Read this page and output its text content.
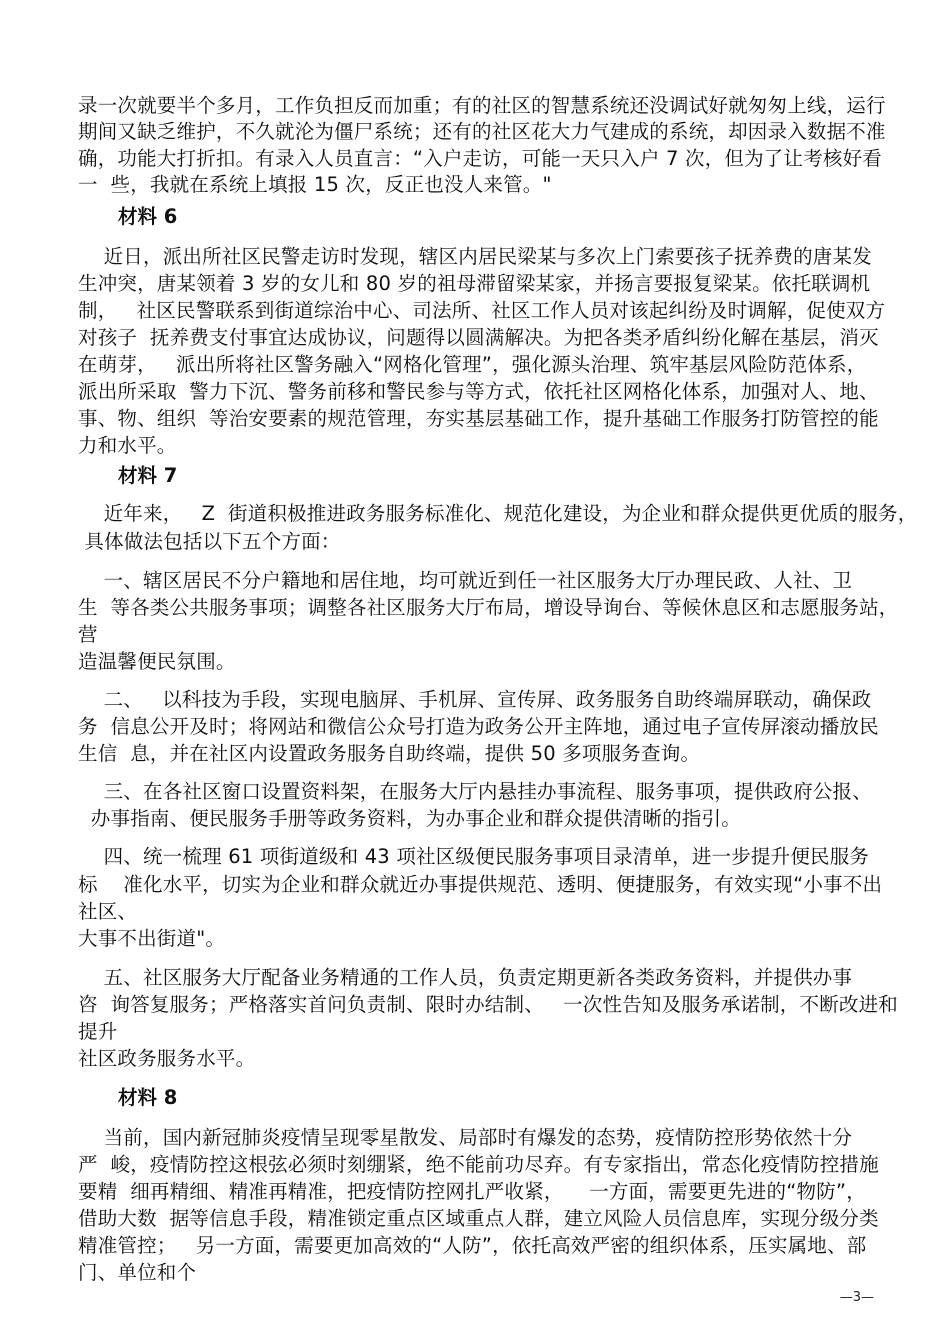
录一次就要半个多月，工作负担反而加重；有的社区的智慧系统还没调试好就匆匆上线，运行
期间又缺乏维护，不久就沦为僵尸系统；还有的社区花大力气建成的系统，却因录入数据不准
确，功能大打折扣。有录入人员直言：“入户走访，可能一天只入户 7 次，但为了让考核好看
一  些，我就在系统上填报 15 次，反正也没人来管。"
材料 6
近日，派出所社区民警走访时发现，辖区内居民梁某与多次上门索要孩子抚养费的唐某发
生冲突，唐某领着 3 岁的女儿和 80 岁的祖母滞留梁某家，并扬言要报复梁某。依托联调机
制，   社区民警联系到街道综治中心、司法所、社区工作人员对该起纠纷及时调解，促使双方
对孩子  抚养费支付事宜达成协议，问题得以圆满解决。为把各类矛盾纠纷化解在基层，消灭
在萌芽，   派出所将社区警务融入“网格化管理”，强化源头治理、筑牢基层风险防范体系，
派出所采取  警力下沉、警务前移和警民参与等方式，依托社区网格化体系，加强对人、地、
事、物、组织  等治安要素的规范管理，夯实基层基础工作，提升基础工作服务打防管控的能
力和水平。
材料 7
近年来，   Z  街道积极推进政务服务标准化、规范化建设，为企业和群众提供更优质的服务，
具体做法包括以下五个方面：
一、辖区居民不分户籍地和居住地，均可就近到任一社区服务大厅办理民政、人社、卫
生  等各类公共服务事项；调整各社区服务大厅布局，增设导询台、等候休息区和志愿服务站，
营
造温馨便民氛围。
二、   以科技为手段，实现电脑屏、手机屏、宣传屏、政务服务自助终端屏联动，确保政
务  信息公开及时；将网站和微信公众号打造为政务公开主阵地，通过电子宣传屏滚动播放民
生信  息，并在社区内设置政务服务自助终端，提供 50 多项服务查询。
三、在各社区窗口设置资料架，在服务大厅内悬挂办事流程、服务事项，提供政府公报、
办事指南、便民服务手册等政务资料，为办事企业和群众提供清晰的指引。
四、统一梳理 61 项街道级和 43 项社区级便民服务事项目录清单，进一步提升便民服务
标    准化水平，切实为企业和群众就近办事提供规范、透明、便捷服务，有效实现“小事不出
社区、
大事不出街道"。
五、社区服务大厅配备业务精通的工作人员，负责定期更新各类政务资料，并提供办事
咨  询答复服务；严格落实首问负责制、限时办结制、   一次性告知及服务承诺制，不断改进和
提升
社区政务服务水平。
材料 8
当前，国内新冠肺炎疫情呈现零星散发、局部时有爆发的态势，疫情防控形势依然十分
严  峻，疫情防控这根弦必须时刻绷紧，绝不能前功尽弃。有专家指出，常态化疫情防控措施
要精  细再精细、精准再精准，把疫情防控网扎严收紧，    一方面，需要更先进的“物防”，
借助大数  据等信息手段，精准锁定重点区域重点人群，建立风险人员信息库，实现分级分类
精准管控；   另一方面，需要更加高效的“人防”，依托高效严密的组织体系，压实属地、部
门、单位和个
—3—
